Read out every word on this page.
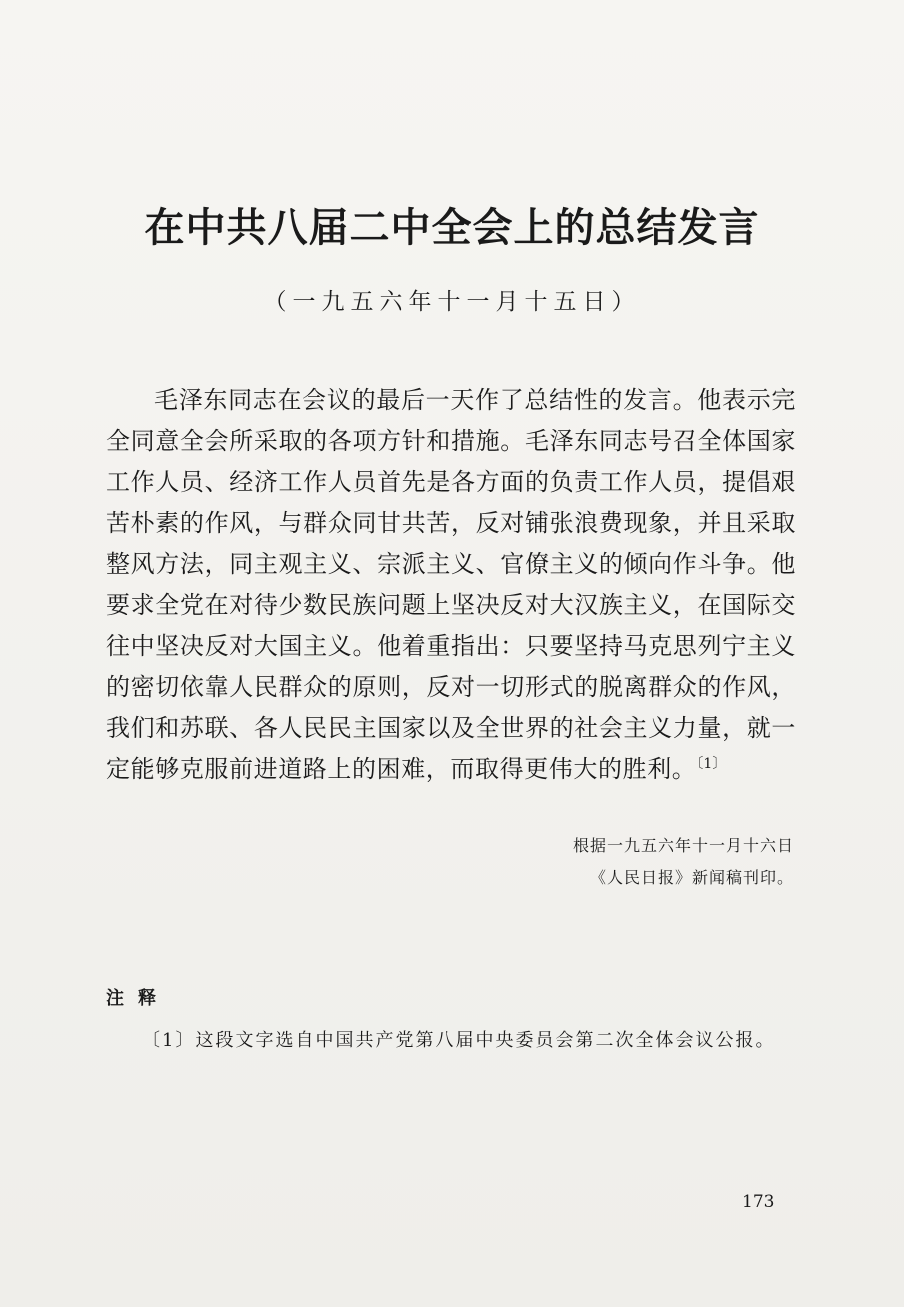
在中共八届二中全会上的总结发言

（一九五六年十一月十五日）

毛泽东同志在会议的最后一天作了总结性的发言。他表示完全同意全会所采取的各项方针和措施。毛泽东同志号召全体国家工作人员、经济工作人员首先是各方面的负责工作人员，提倡艰苦朴素的作风，与群众同甘共苦，反对铺张浪费现象，并且采取整风方法，同主观主义、宗派主义、官僚主义的倾向作斗争。他要求全党在对待少数民族问题上坚决反对大汉族主义，在国际交往中坚决反对大国主义。他着重指出：只要坚持马克思列宁主义的密切依靠人民群众的原则，反对一切形式的脱离群众的作风，我们和苏联、各人民民主国家以及全世界的社会主义力量，就一定能够克服前进道路上的困难，而取得更伟大的胜利。$^{〔1〕}$

根据一九五六年十一月十六日
《人民日报》新闻稿刊印。

注释

〔1〕这段文字选自中国共产党第八届中央委员会第二次全体会议公报。

173
